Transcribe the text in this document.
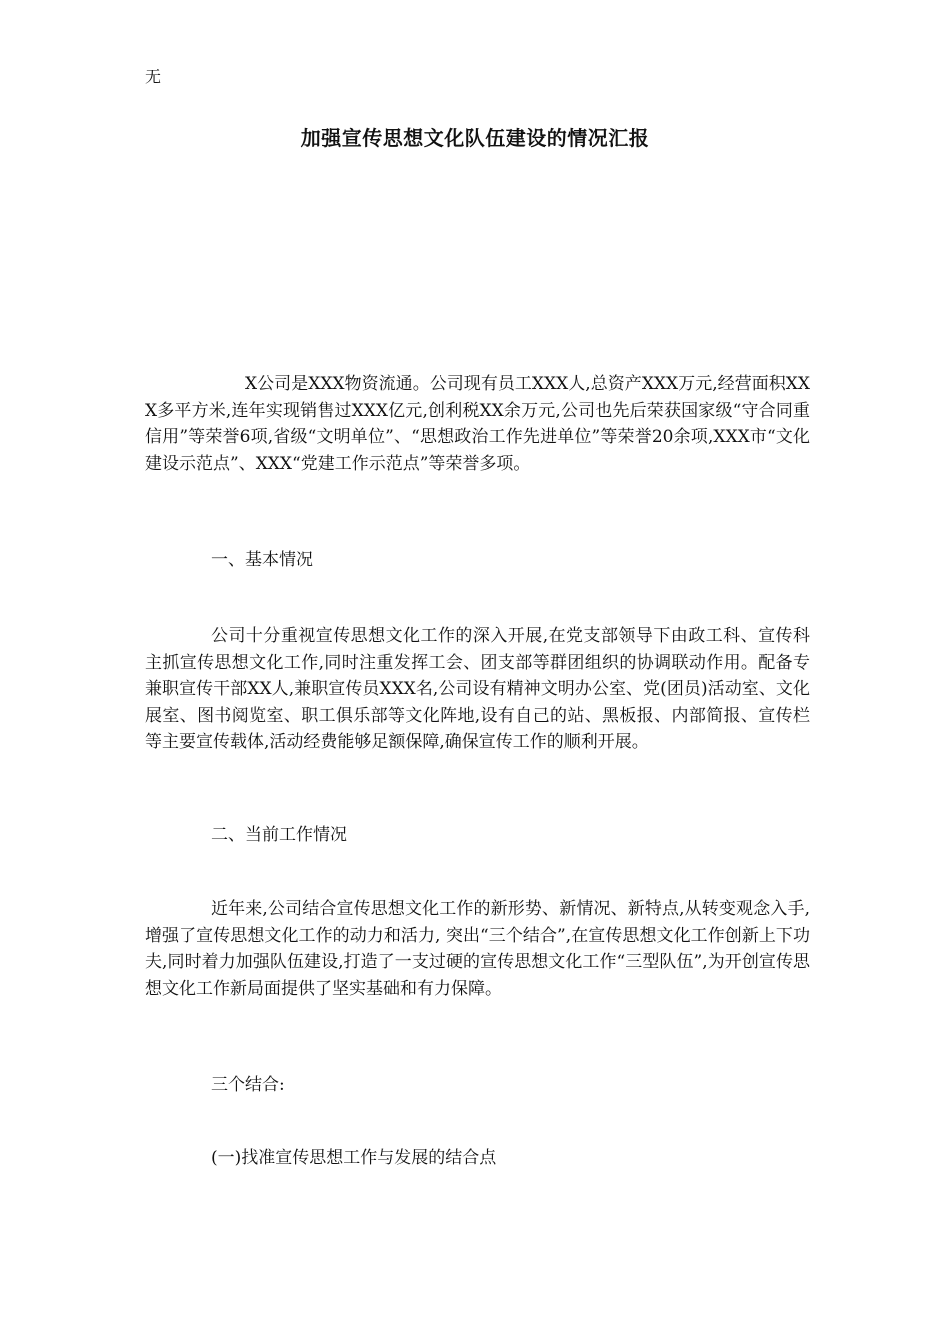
无
加强宣传思想文化队伍建设的情况汇报

X公司是XXX物资流通。公司现有员工XXX人,总资产XXX万元,经营面积XXX多平方米,连年实现销售过XXX亿元,创利税XX余万元,公司也先后荣获国家级“守合同重信用”等荣誉6项,省级“文明单位”、“思想政治工作先进单位”等荣誉20余项,XXX市“文化建设示范点”、XXX“党建工作示范点”等荣誉多项。

一、基本情况

公司十分重视宣传思想文化工作的深入开展,在党支部领导下由政工科、宣传科主抓宣传思想文化工作,同时注重发挥工会、团支部等群团组织的协调联动作用。配备专兼职宣传干部XX人,兼职宣传员XXX名,公司设有精神文明办公室、党(团员)活动室、文化展室、图书阅览室、职工俱乐部等文化阵地,设有自己的站、黑板报、内部简报、宣传栏等主要宣传载体,活动经费能够足额保障,确保宣传工作的顺利开展。

二、当前工作情况

近年来,公司结合宣传思想文化工作的新形势、新情况、新特点,从转变观念入手,增强了宣传思想文化工作的动力和活力, 突出“三个结合”,在宣传思想文化工作创新上下功夫,同时着力加强队伍建设,打造了一支过硬的宣传思想文化工作“三型队伍”,为开创宣传思想文化工作新局面提供了坚实基础和有力保障。

三个结合:

(一)找准宣传思想工作与发展的结合点
